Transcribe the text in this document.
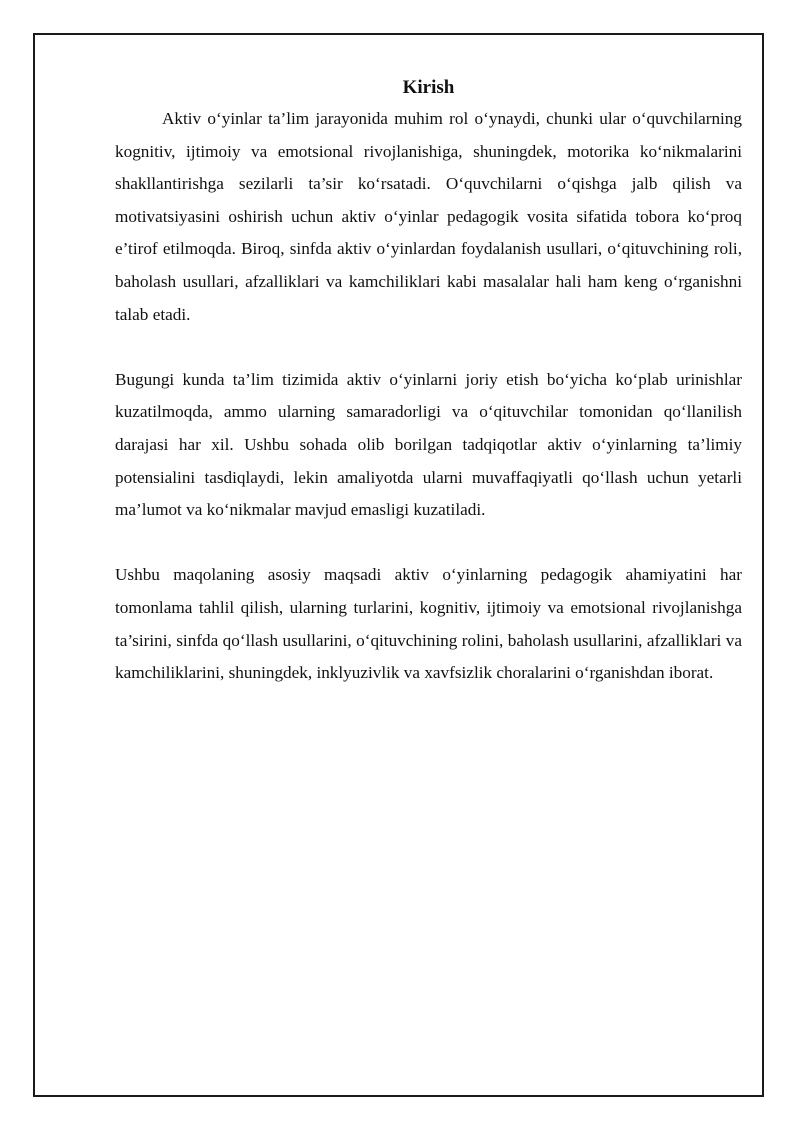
Kirish

Aktiv o‘yinlar ta’lim jarayonida muhim rol o‘ynaydi, chunki ular o‘quvchilarning kognitiv, ijtimoiy va emotsional rivojlanishiga, shuningdek, motorika ko‘nikmalarini shakllantirishga sezilarli ta’sir ko‘rsatadi. O‘quvchilarni o‘qishga jalb qilish va motivatsiyasini oshirish uchun aktiv o‘yinlar pedagogik vosita sifatida tobora ko‘proq e’tirof etilmoqda. Biroq, sinfda aktiv o‘yinlardan foydalanish usullari, o‘qituvchining roli, baholash usullari, afzalliklari va kamchiliklari kabi masalalar hali ham keng o‘rganishni talab etadi.

Bugungi kunda ta’lim tizimida aktiv o‘yinlarni joriy etish bo‘yicha ko‘plab urinishlar kuzatilmoqda, ammo ularning samaradorligi va o‘qituvchilar tomonidan qo‘llanilish darajasi har xil. Ushbu sohada olib borilgan tadqiqotlar aktiv o‘yinlarning ta’limiy potensialini tasdiqlaydi, lekin amaliyotda ularni muvaffaqiyatli qo‘llash uchun yetarli ma’lumot va ko‘nikmalar mavjud emasligi kuzatiladi.

Ushbu maqolaning asosiy maqsadi aktiv o‘yinlarning pedagogik ahamiyatini har tomonlama tahlil qilish, ularning turlarini, kognitiv, ijtimoiy va emotsional rivojlanishga ta’sirini, sinfda qo‘llash usullarini, o‘qituvchining rolini, baholash usullarini, afzalliklari va kamchiliklarini, shuningdek, inklyuzivlik va xavfsizlik choralarini o‘rganishdan iborat.
